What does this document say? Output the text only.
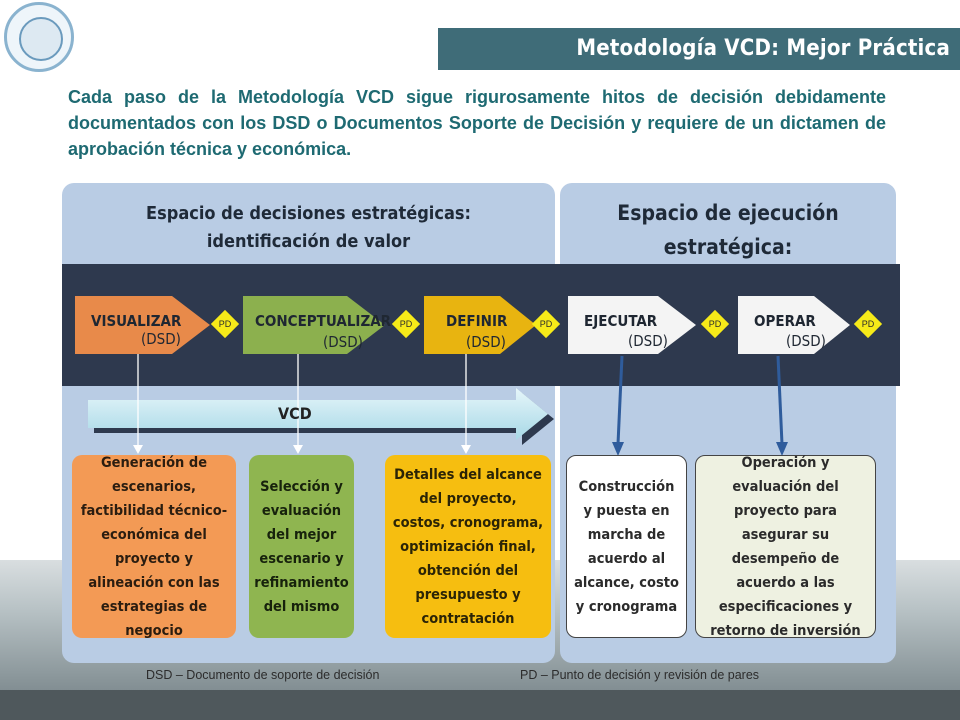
Metodología VCD: Mejor Práctica
Cada paso de la Metodología VCD sigue rigurosamente hitos de decisión debidamente documentados con los DSD o Documentos Soporte de Decisión y requiere de un dictamen de aprobación técnica y económica.
Espacio de decisiones estratégicas:
identificación de valor
Espacio de ejecución estratégica:
VISUALIZAR
(DSD)
CONCEPTUALIZAR
(DSD)
DEFINIR
(DSD)
EJECUTAR
(DSD)
OPERAR
(DSD)
PD	PD	PD	PD	PD
VCD
Generación de escenarios, factibilidad técnico-económica del proyecto y alineación con las estrategias de negocio
Selección y evaluación del mejor escenario y refinamiento del mismo
Detalles del alcance del proyecto, costos, cronograma, optimización final, obtención del presupuesto y contratación
Construcción y puesta en marcha de acuerdo al alcance, costo y cronograma
Operación y evaluación del proyecto para asegurar su desempeño de acuerdo a las especificaciones y retorno de inversión
DSD – Documento de soporte de decisión	PD – Punto de decisión y revisión de pares
